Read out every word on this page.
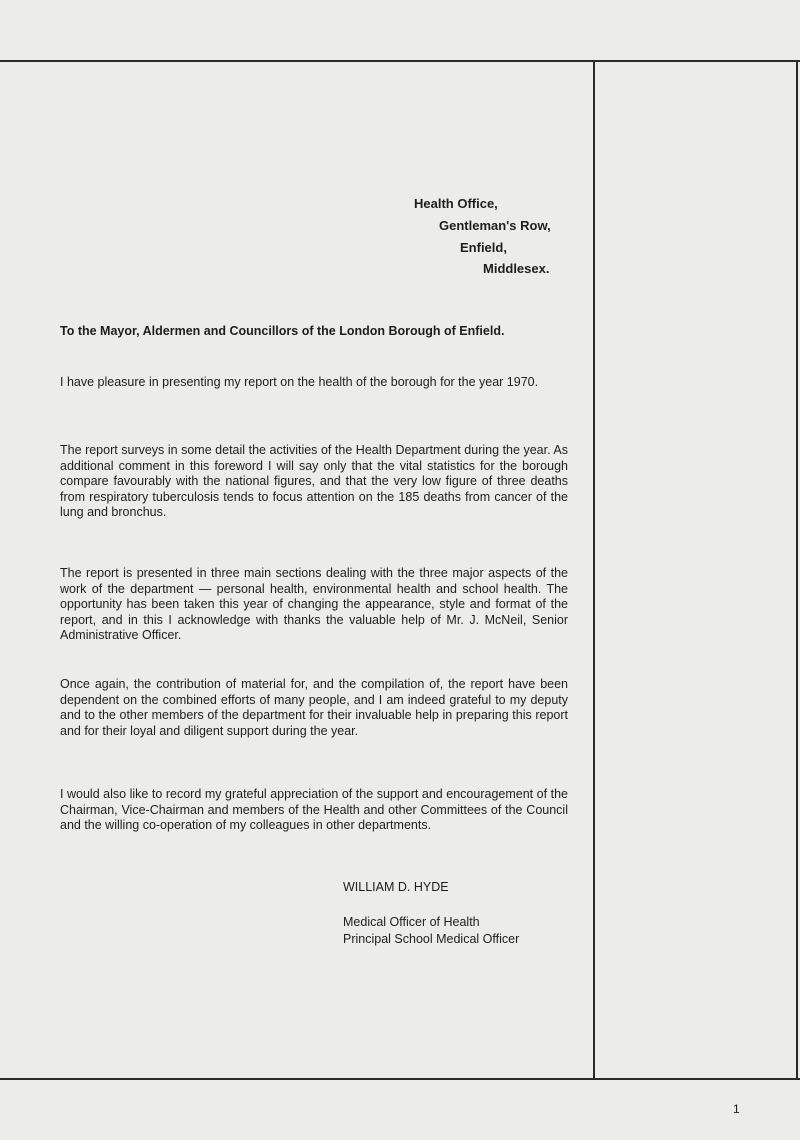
Health Office,
Gentleman's Row,
Enfield,
Middlesex.
To the Mayor, Aldermen and Councillors of the London Borough of Enfield.

I have pleasure in presenting my report on the health of the borough for the year 1970.

The report surveys in some detail the activities of the Health Department during the year. As additional comment in this foreword I will say only that the vital statistics for the borough compare favourably with the national figures, and that the very low figure of three deaths from respiratory tuberculosis tends to focus attention on the 185 deaths from cancer of the lung and bronchus.

The report is presented in three main sections dealing with the three major aspects of the work of the department — personal health, environmental health and school health. The opportunity has been taken this year of changing the appearance, style and format of the report, and in this I acknowledge with thanks the valuable help of Mr. J. McNeil, Senior Administrative Officer.

Once again, the contribution of material for, and the compilation of, the report have been dependent on the combined efforts of many people, and I am indeed grateful to my deputy and to the other members of the department for their invaluable help in preparing this report and for their loyal and diligent support during the year.

I would also like to record my grateful appreciation of the support and encouragement of the Chairman, Vice-Chairman and members of the Health and other Committees of the Council and the willing co-operation of my colleagues in other departments.

WILLIAM D. HYDE
Medical Officer of Health
Principal School Medical Officer
1
